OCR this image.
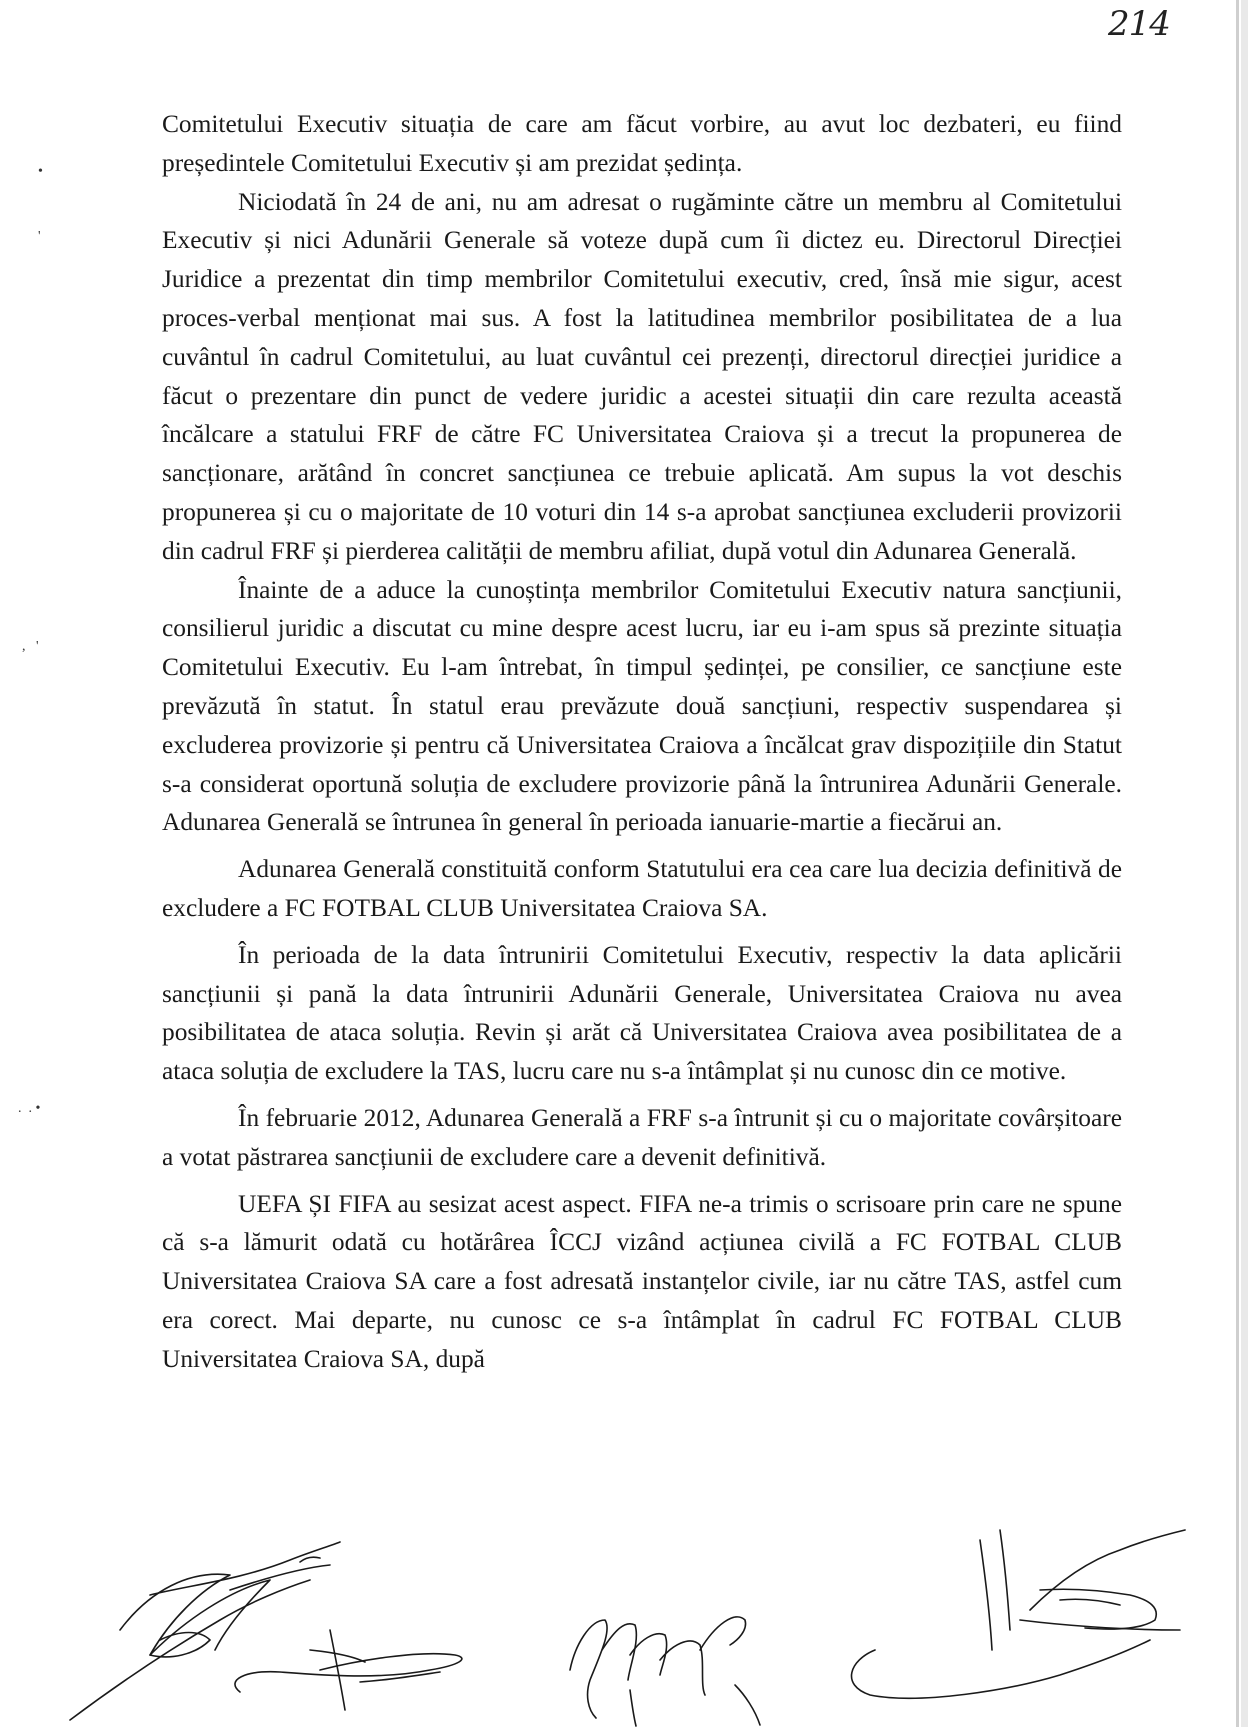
214
•
'
,   '
.  . •

Comitetului Executiv situația de care am făcut vorbire, au avut loc dezbateri, eu fiind președintele Comitetului Executiv și am prezidat ședința.

Niciodată în 24 de ani, nu am adresat o rugăminte către un membru al Comitetului Executiv și nici Adunării Generale să voteze după cum îi dictez eu. Directorul Direcției Juridice a prezentat din timp membrilor Comitetului executiv, cred, însă mie sigur, acest proces-verbal menționat mai sus. A fost la latitudinea membrilor posibilitatea de a lua cuvântul în cadrul Comitetului, au luat cuvântul cei prezenți, directorul direcției juridice a făcut o prezentare din punct de vedere juridic a acestei situații din care rezulta această încălcare a statului FRF de către FC Universitatea Craiova și a trecut la propunerea de sancționare, arătând în concret sancțiunea ce trebuie aplicată. Am supus la vot deschis propunerea și cu o majoritate de 10 voturi din 14 s-a aprobat sancțiunea excluderii provizorii din cadrul FRF și pierderea calității de membru afiliat, după votul din Adunarea Generală.

Înainte de a aduce la cunoștința membrilor Comitetului Executiv natura sancțiunii, consilierul juridic a discutat cu mine despre acest lucru, iar eu i-am spus să prezinte situația Comitetului Executiv. Eu l-am întrebat, în timpul ședinței, pe consilier, ce sancțiune este prevăzută în statut. În statul erau prevăzute două sancțiuni, respectiv suspendarea și excluderea provizorie și pentru că Universitatea Craiova a încălcat grav dispozițiile din Statut s-a considerat oportună soluția de excludere provizorie până la întrunirea Adunării Generale. Adunarea Generală se întrunea în general în perioada ianuarie-martie a fiecărui an.

Adunarea Generală constituită conform Statutului era cea care lua decizia definitivă de excludere a FC FOTBAL CLUB Universitatea Craiova SA.

În perioada de la data întrunirii Comitetului Executiv, respectiv la data aplicării sancțiunii și pană la data întrunirii Adunării Generale, Universitatea Craiova nu avea posibilitatea de ataca soluția. Revin și arăt că Universitatea Craiova avea posibilitatea de a ataca soluția de excludere la TAS, lucru care nu s-a întâmplat și nu cunosc din ce motive.

În februarie 2012, Adunarea Generală a FRF s-a întrunit și cu o majoritate covârșitoare a votat păstrarea sancțiunii de excludere care a devenit definitivă.

UEFA ȘI FIFA au sesizat acest aspect. FIFA ne-a trimis o scrisoare prin care ne spune că s-a lămurit odată cu hotărârea ÎCCJ vizând acțiunea civilă a FC FOTBAL CLUB Universitatea Craiova SA care a fost adresată instanțelor civile, iar nu către TAS, astfel cum era corect. Mai departe, nu cunosc ce s-a întâmplat în cadrul FC FOTBAL CLUB Universitatea Craiova SA, după
